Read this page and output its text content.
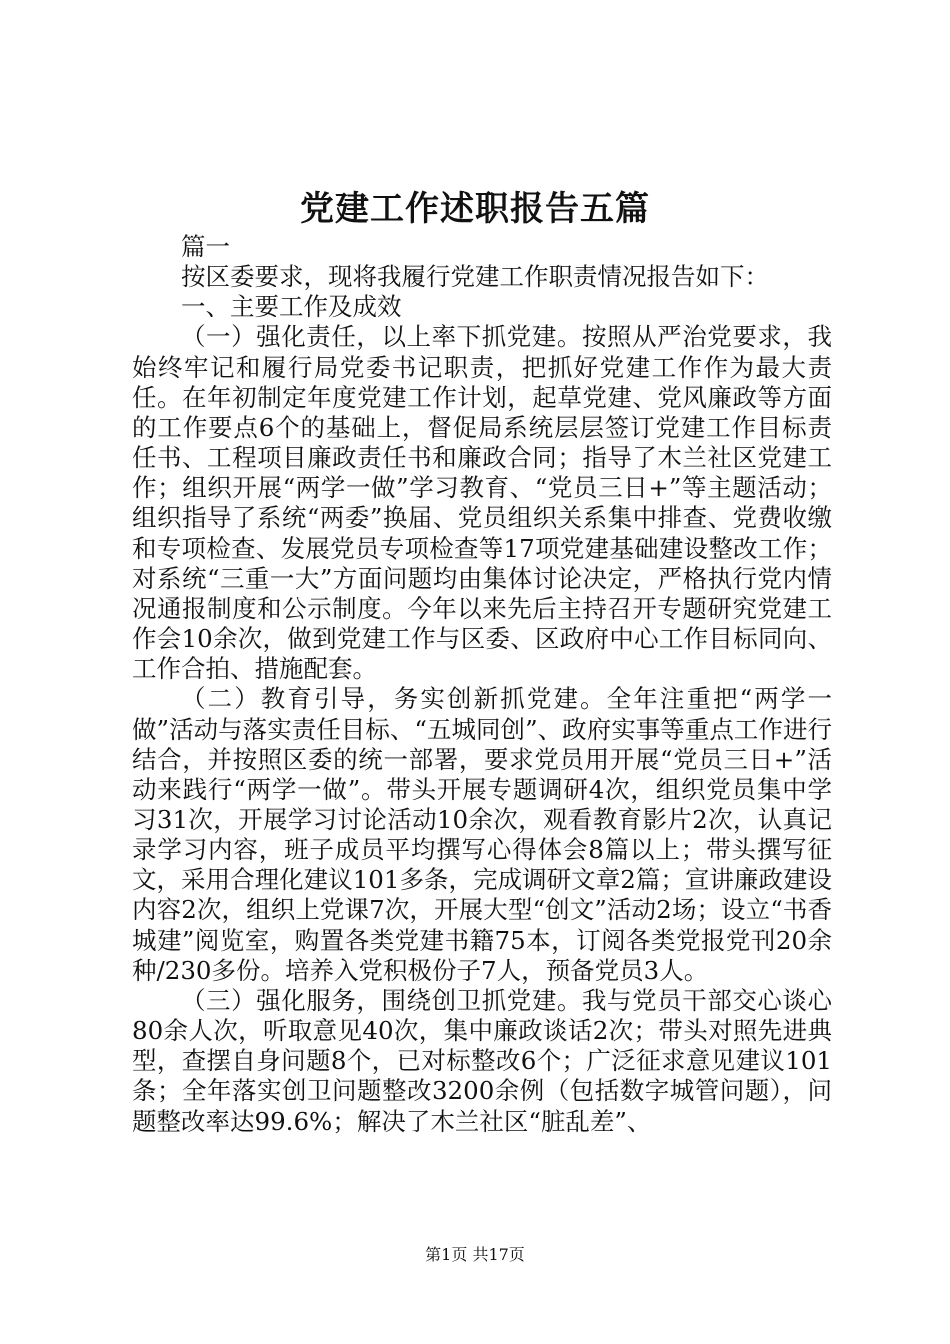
党建工作述职报告五篇

篇一

按区委要求，现将我履行党建工作职责情况报告如下：

一、主要工作及成效

（一）强化责任，以上率下抓党建。按照从严治党要求，我始终牢记和履行局党委书记职责，把抓好党建工作作为最大责任。在年初制定年度党建工作计划，起草党建、党风廉政等方面的工作要点6个的基础上，督促局系统层层签订党建工作目标责任书、工程项目廉政责任书和廉政合同；指导了木兰社区党建工作；组织开展“两学一做”学习教育、“党员三日+”等主题活动；组织指导了系统“两委”换届、党员组织关系集中排查、党费收缴和专项检查、发展党员专项检查等17项党建基础建设整改工作；对系统“三重一大”方面问题均由集体讨论决定，严格执行党内情况通报制度和公示制度。今年以来先后主持召开专题研究党建工作会10余次，做到党建工作与区委、区政府中心工作目标同向、工作合拍、措施配套。

（二）教育引导，务实创新抓党建。全年注重把“两学一做”活动与落实责任目标、“五城同创”、政府实事等重点工作进行结合，并按照区委的统一部署，要求党员用开展“党员三日+”活动来践行“两学一做”。带头开展专题调研4次，组织党员集中学习31次，开展学习讨论活动10余次，观看教育影片2次，认真记录学习内容，班子成员平均撰写心得体会8篇以上；带头撰写征文，采用合理化建议101多条，完成调研文章2篇；宣讲廉政建设内容2次，组织上党课7次，开展大型“创文”活动2场；设立“书香城建”阅览室，购置各类党建书籍75本，订阅各类党报党刊20余种/230多份。培养入党积极份子7人，预备党员3人。

（三）强化服务，围绕创卫抓党建。我与党员干部交心谈心80余人次，听取意见40次，集中廉政谈话2次；带头对照先进典型，查摆自身问题8个，已对标整改6个；广泛征求意见建议101条；全年落实创卫问题整改3200余例（包括数字城管问题），问题整改率达99.6%；解决了木兰社区“脏乱差”、

第1页 共17页
